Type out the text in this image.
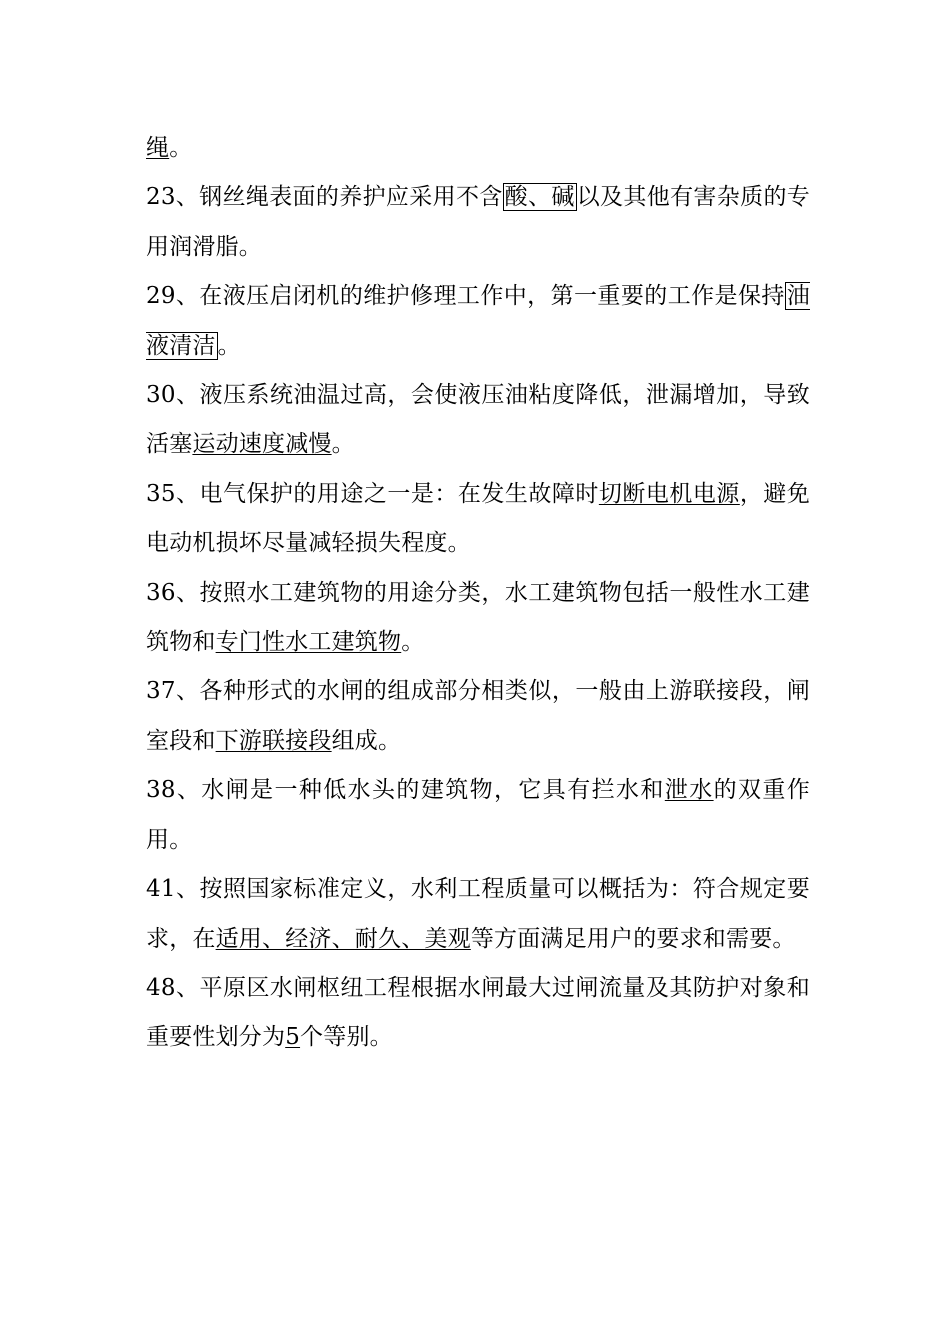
绳。

23、钢丝绳表面的养护应采用不含酸、碱以及其他有害杂质的专用润滑脂。

29、在液压启闭机的维护修理工作中，第一重要的工作是保持油液清洁。

30、液压系统油温过高，会使液压油粘度降低，泄漏增加，导致活塞运动速度减慢。

35、电气保护的用途之一是：在发生故障时切断电机电源，避免电动机损坏尽量减轻损失程度。

36、按照水工建筑物的用途分类，水工建筑物包括一般性水工建筑物和专门性水工建筑物。

37、各种形式的水闸的组成部分相类似，一般由上游联接段，闸室段和下游联接段组成。

38、水闸是一种低水头的建筑物，它具有拦水和泄水的双重作用。

41、按照国家标准定义，水利工程质量可以概括为：符合规定要求，在适用、经济、耐久、美观等方面满足用户的要求和需要。

48、平原区水闸枢纽工程根据水闸最大过闸流量及其防护对象和重要性划分为5个等别。
